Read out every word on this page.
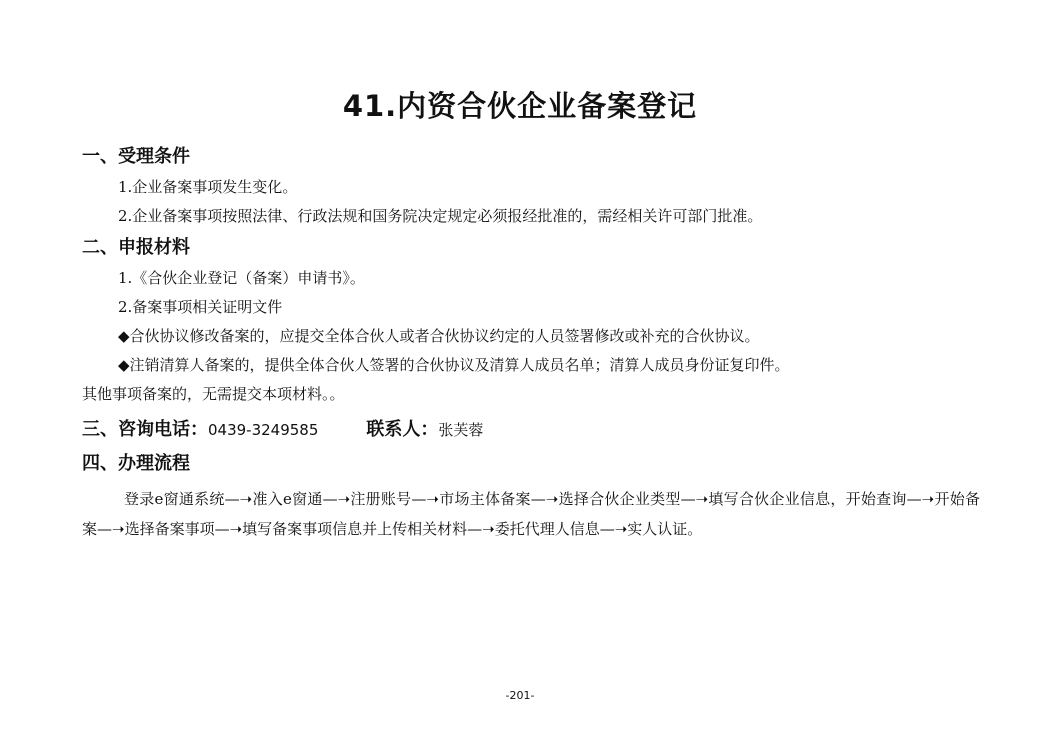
41.内资合伙企业备案登记
一、受理条件
1.企业备案事项发生变化。
2.企业备案事项按照法律、行政法规和国务院决定规定必须报经批准的，需经相关许可部门批准。
二、申报材料
1.《合伙企业登记（备案）申请书》。
2.备案事项相关证明文件
◆合伙协议修改备案的，应提交全体合伙人或者合伙协议约定的人员签署修改或补充的合伙协议。
◆注销清算人备案的，提供全体合伙人签署的合伙协议及清算人成员名单；清算人成员身份证复印件。
其他事项备案的，无需提交本项材料。。
三、咨询电话：0439-3249585	联系人：张芙蓉
四、办理流程
登录e窗通系统—➝准入e窗通—➝注册账号—➝市场主体备案—➝选择合伙企业类型—➝填写合伙企业信息，开始查询—➝开始备案—➝选择备案事项—➝填写备案事项信息并上传相关材料—➝委托代理人信息—➝实人认证。
-201-
